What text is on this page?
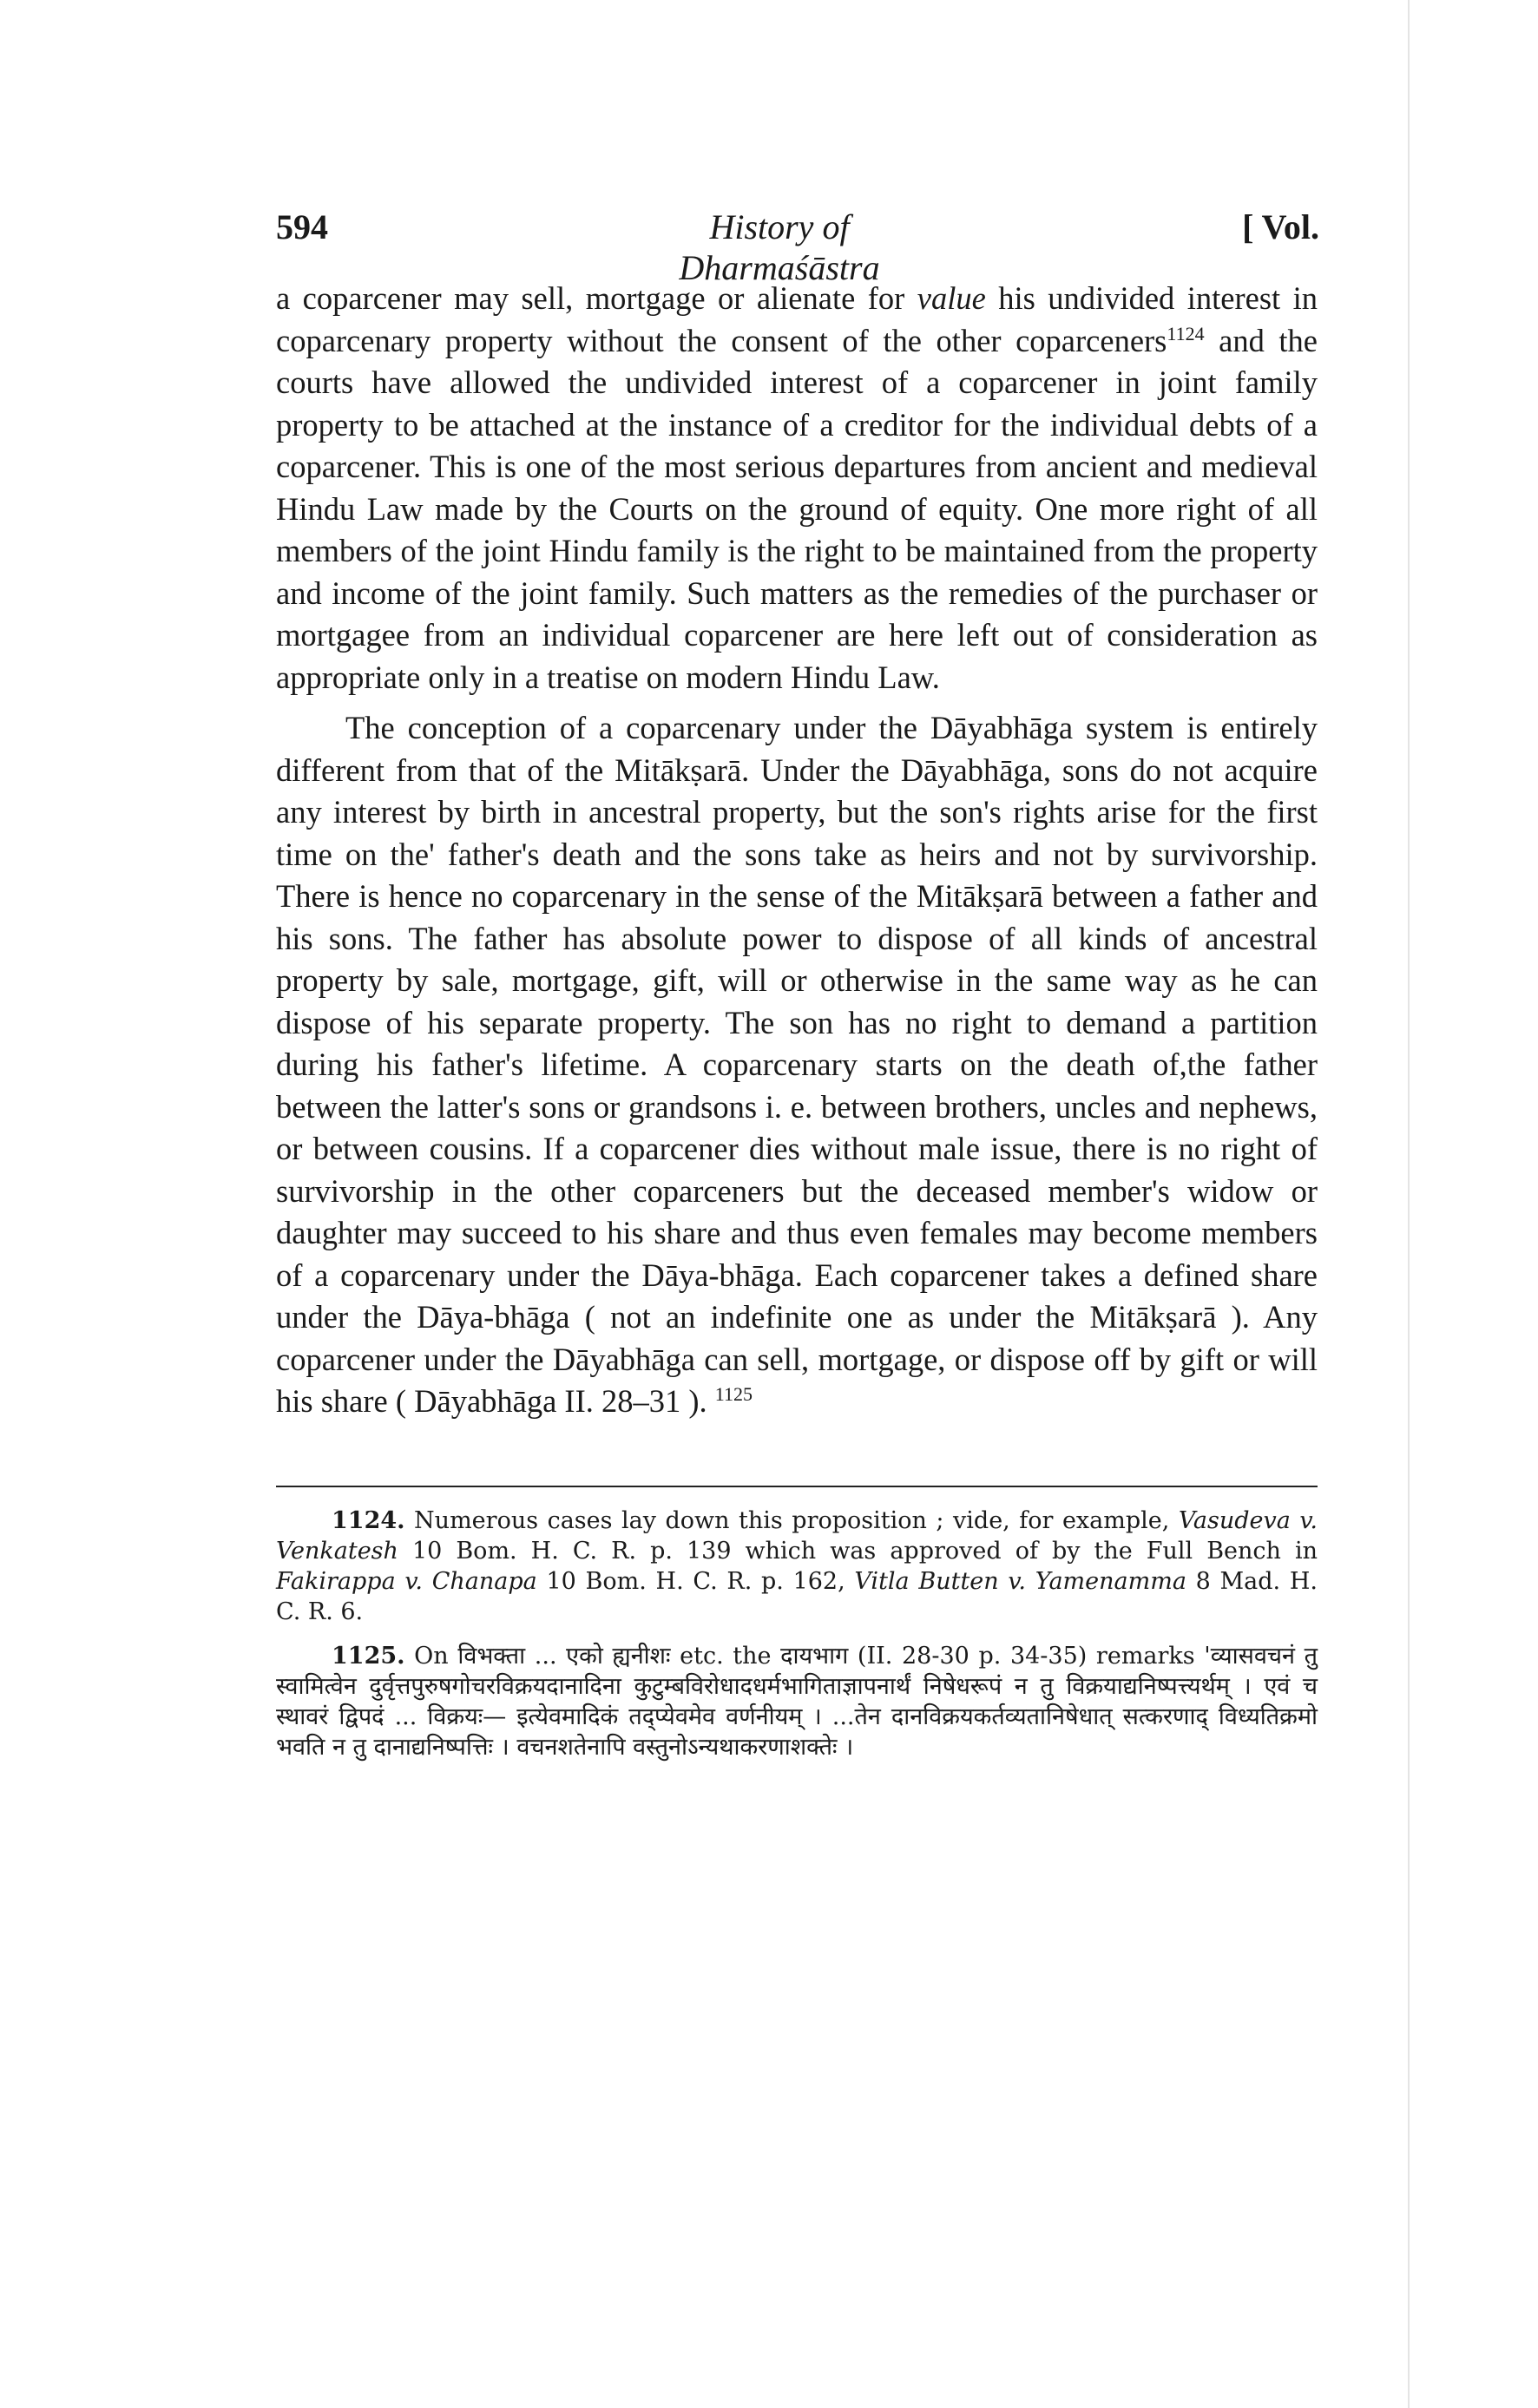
594	History of Dharmaśāstra
[ Vol.

a coparcener may sell, mortgage or alienate for value his undivided interest in coparcenary property without the consent of the other coparceners$^{1124}$ and the courts have allowed the undivided interest of a coparcener in joint family property to be attached at the instance of a creditor for the individual debts of a coparcener. This is one of the most serious departures from ancient and medieval Hindu Law made by the Courts on the ground of equity. One more right of all members of the joint Hindu family is the right to be maintained from the property and income of the joint family. Such matters as the remedies of the purchaser or mortgagee from an individual coparcener are here left out of consideration as appropriate only in a treatise on modern Hindu Law.

The conception of a coparcenary under the Dāyabhāga system is entirely different from that of the Mitākṣarā. Under the Dāyabhāga, sons do not acquire any interest by birth in ancestral property, but the son's rights arise for the first time on the' father's death and the sons take as heirs and not by survivorship. There is hence no coparcenary in the sense of the Mitākṣarā between a father and his sons. The father has absolute power to dispose of all kinds of ancestral property by sale, mortgage, gift, will or otherwise in the same way as he can dispose of his separate property. The son has no right to demand a partition during his father's lifetime. A coparcenary starts on the death of,the father between the latter's sons or grandsons i. e. between brothers, uncles and nephews, or between cousins. If a coparcener dies without male issue, there is no right of survivorship in the other coparceners but the deceased member's widow or daughter may succeed to his share and thus even females may become members of a coparcenary under the Dāya-bhāga. Each coparcener takes a defined share under the Dāya-bhāga ( not an indefinite one as under the Mitākṣarā ). Any coparcener under the Dāyabhāga can sell, mortgage, or dispose off by gift or will his share ( Dāyabhāga II. 28–31 ). $^{1125}$

1124. Numerous cases lay down this proposition ; vide, for example, Vasudeva v. Venkatesh 10 Bom. H. C. R. p. 139 which was approved of by the Full Bench in Fakirappa v. Chanapa 10 Bom. H. C. R. p. 162, Vitla Butten v. Yamenamma 8 Mad. H. C. R. 6.

1125. On विभक्ता ... एको ह्यनीशः etc. the दायभाग (II. 28-30 p. 34-35) remarks 'व्यासवचनं तु स्वामित्वेन दुर्वृत्तपुरुषगोचरविक्रयदानादिना कुटुम्बविरोधादधर्मभागिताज्ञापनार्थं निषेधरूपं न तु विक्रयाद्यनिष्पत्त्यर्थम् । एवं च स्थावरं द्विपदं ... विक्रयः— इत्येवमादिकं तद्‍प्येवमेव वर्णनीयम् । ...तेन दानविक्रयकर्तव्यतानिषेधात् सत्करणाद् विध्यतिक्रमो भवति न तु दानाद्यनिष्पत्तिः । वचनशतेनापि वस्तुनोऽन्यथाकरणाशक्तेः ।
